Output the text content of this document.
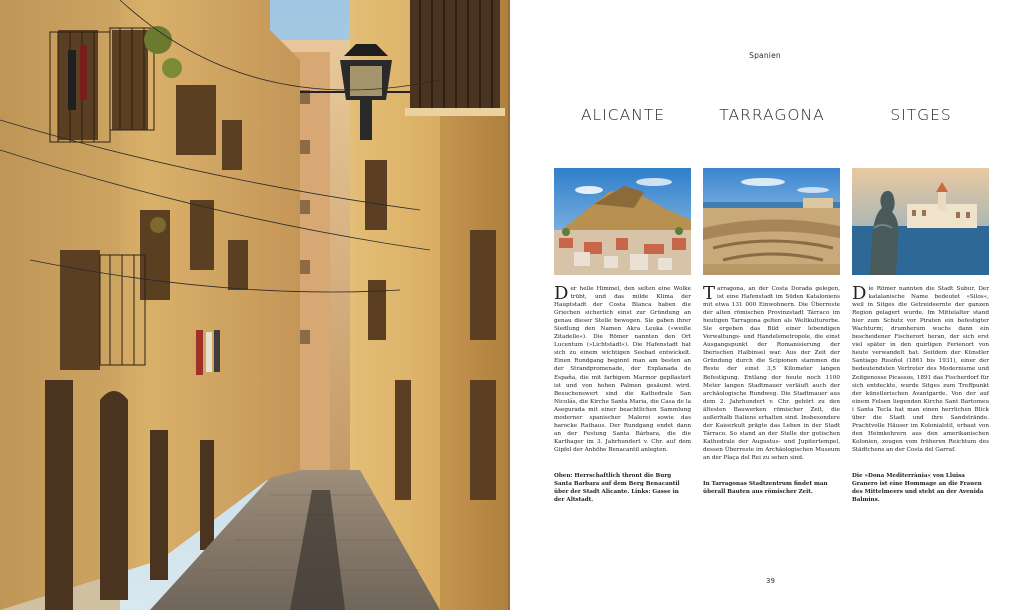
Spanien
ALICANTE	TARRAGONA	SITGES
Der helle Himmel, den selten eine Wolke trübt, und das milde Klima der Hauptstadt der Costa Blanca haben die Griechen sicherlich einst zur Gründung an genau dieser Stelle bewogen. Sie gaben ihrer Siedlung den Namen Akra Leuka (»weiße Zitadelle«). Die Römer nannten den Ort Lucentum (»Lichtstadt«). Die Hafenstadt hat sich zu einem wichtigen Seebad entwickelt. Einen Rundgang beginnt man am besten an der Strandpromenade, der Explanada de España, die mit farbigem Marmor gepflastert ist und von hohen Palmen gesäumt wird. Besuchenswert sind die Kathedrale San Nicolás, die Kirche Santa Maria, die Casa de la Asegurada mit einer beachtlichen Sammlung moderner spanischer Malerei sowie das barocke Rathaus. Der Rundgang endet dann an der Festung Santa Bárbara, die die Karthager im 3. Jahrhundert v. Chr. auf dem Gipfel der Anhöhe Benacantil anlegten.
Tarragona, an der Costa Dorada gelegen, ist eine Hafenstadt im Süden Kataloniens mit etwa 131 000 Einwohnern. Die Überreste der alten römischen Provinzstadt Tárraco im heutigen Tarragona gelten als Weltkulturerbe. Sie ergeben das Bild einer lebendigen Verwaltungs- und Handelsmetropole, die einst Ausgangspunkt der Romanisierung der Iberischen Halbinsel war. Aus der Zeit der Gründung durch die Scipionen stammen die Reste der einst 3,5 Kilometer langen Befestigung. Entlang der heute noch 1100 Meter langen Stadtmauer verläuft auch der archäologische Rundweg. Die Stadtmauer aus dem 2. Jahrhundert v. Chr. gehört zu den ältesten Bauwerken römischer Zeit, die außerhalb Italiens erhalten sind. Insbesondere der Kaiserkult prägte das Leben in der Stadt Tárraco. So stand an der Stelle der gotischen Kathedrale der Augustus- und Jupitertempel, dessen Überreste im Archäologischen Museum an der Plaça del Rei zu sehen sind.
Die Römer nannten die Stadt Subur. Der katalanische Name bedeutet »Silos«, weil in Sitges die Getreideernte der ganzen Region gelagert wurde. Im Mittelalter stand hier zum Schutz vor Piraten ein befestigter Wachturm; drumherum wuchs dann ein bescheidener Fischerort heran, der sich erst viel später in den quirligen Ferienort von heute verwandelt hat. Seitdem der Künstler Santiago Rusiñol (1861 bis 1931), einer der bedeutendsten Vertreter des Modernisme und Zeitgenosse Picassos, 1891 das Fischerdorf für sich entdeckte, wurde Sitges zum Treffpunkt der künstlerischen Avantgarde. Von der auf einem Felsen liegenden Kirche Sant Bartomeu i Santa Tecla hat man einen herrlichen Blick über die Stadt und ihre Sandstrände. Prachtvolle Häuser im Kolonialstil, erbaut von den Heimkehrern aus den amerikanischen Kolonien, zeugen vom früheren Reichtum des Städtchens an der Costa del Garraf.
Oben: Herrschaftlich thront die Burg Santa Barbara auf dem Berg Benacantil über der Stadt Alicante. Links: Gasse in der Altstadt.
In Tarragonas Stadtzentrum findet man überall Bauten aus römischer Zeit.
Die »Dona Mediterrània« von Lluisa Granero ist eine Hommage an die Frauen des Mittelmeers und steht an der Avenida Balmins.
39
